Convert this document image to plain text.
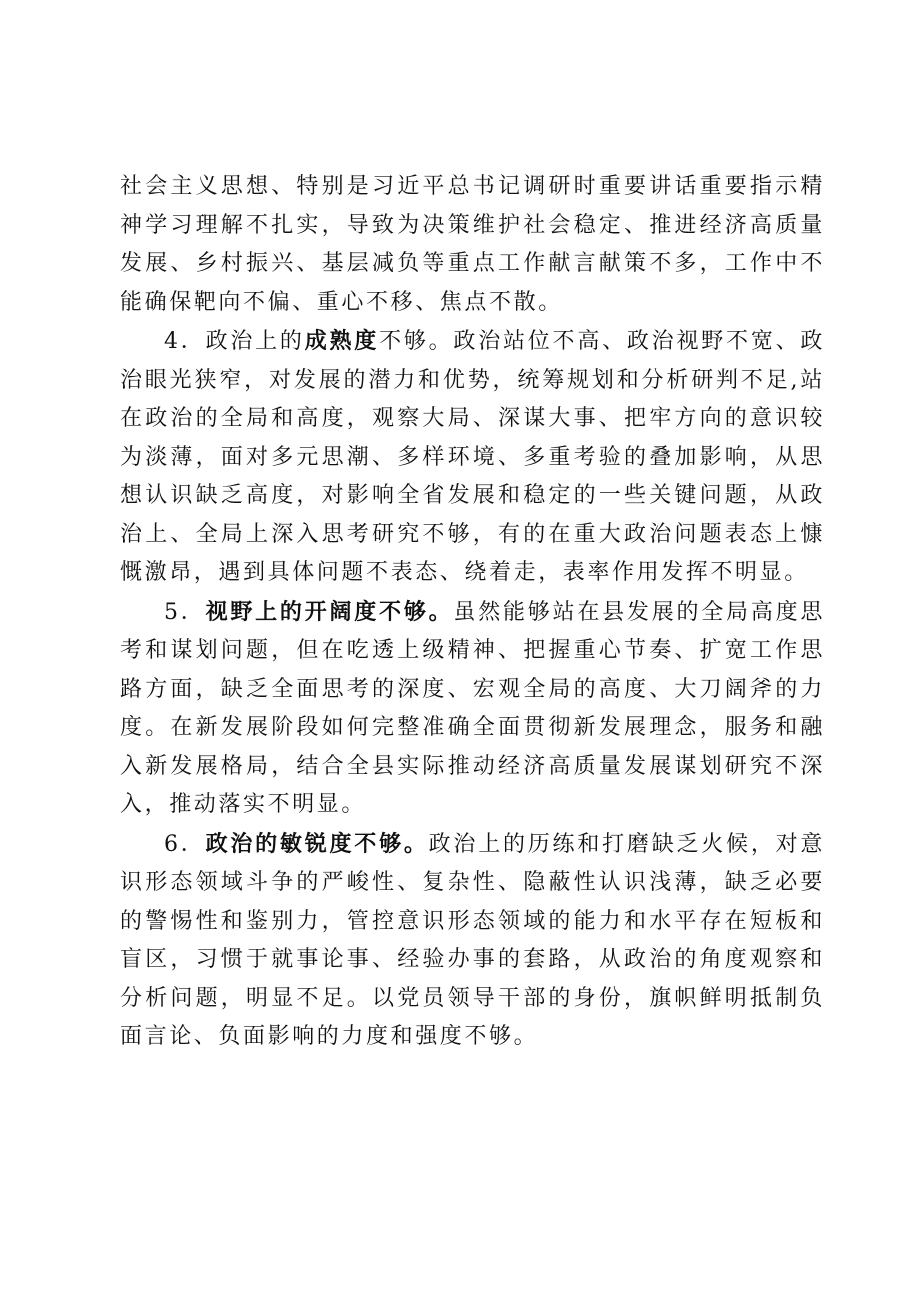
社会主义思想、特别是习近平总书记调研时重要讲话重要指示精神学习理解不扎实，导致为决策维护社会稳定、推进经济高质量发展、乡村振兴、基层减负等重点工作献言献策不多，工作中不能确保靶向不偏、重心不移、焦点不散。

4．政治上的成熟度不够。政治站位不高、政治视野不宽、政治眼光狭窄，对发展的潜力和优势，统筹规划和分析研判不足,站在政治的全局和高度，观察大局、深谋大事、把牢方向的意识较为淡薄，面对多元思潮、多样环境、多重考验的叠加影响，从思想认识缺乏高度，对影响全省发展和稳定的一些关键问题，从政治上、全局上深入思考研究不够，有的在重大政治问题表态上慷慨激昂，遇到具体问题不表态、绕着走，表率作用发挥不明显。

5．视野上的开阔度不够。虽然能够站在县发展的全局高度思考和谋划问题，但在吃透上级精神、把握重心节奏、扩宽工作思路方面，缺乏全面思考的深度、宏观全局的高度、大刀阔斧的力度。在新发展阶段如何完整准确全面贯彻新发展理念，服务和融入新发展格局，结合全县实际推动经济高质量发展谋划研究不深入，推动落实不明显。

6．政治的敏锐度不够。政治上的历练和打磨缺乏火候，对意识形态领域斗争的严峻性、复杂性、隐蔽性认识浅薄，缺乏必要的警惕性和鉴别力，管控意识形态领域的能力和水平存在短板和盲区，习惯于就事论事、经验办事的套路，从政治的角度观察和分析问题，明显不足。以党员领导干部的身份，旗帜鲜明抵制负面言论、负面影响的力度和强度不够。
